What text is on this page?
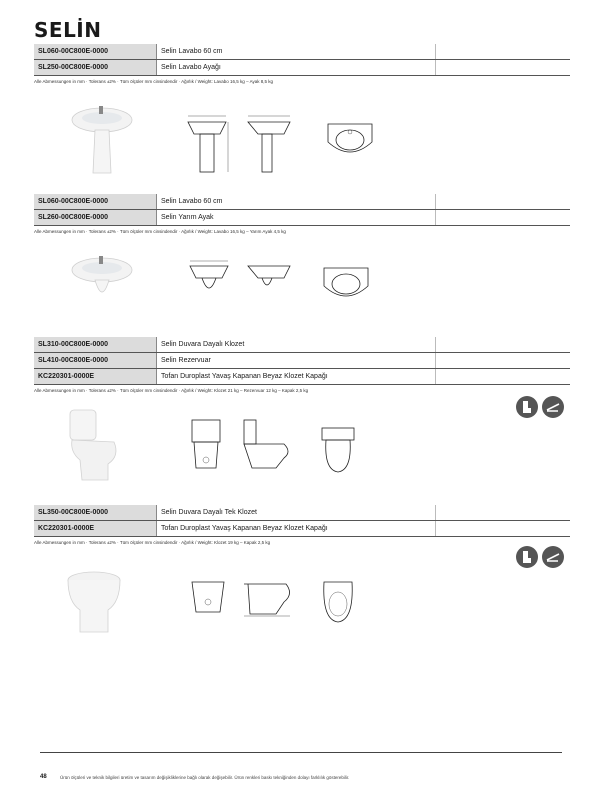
SELİN
SL060-00C800E-0000	Selin Lavabo 60 cm	
SL250-00C800E-0000	Selin Lavabo Ayağı	
Alle Abmessungen in mm · Tolerans ±2% · Tüm ölçüler mm cinsindendir · Ağırlık / Weight: Lavabo 16,5 kg – Ayak 8,5 kg
SL060-00C800E-0000	Selin Lavabo 60 cm	
SL260-00C800E-0000	Selin Yarım Ayak	
Alle Abmessungen in mm · Tolerans ±2% · Tüm ölçüler mm cinsindendir · Ağırlık / Weight: Lavabo 16,5 kg – Yarım Ayak 4,5 kg
SL310-00C800E-0000	Selin Duvara Dayalı Klozet	
SL410-00C800E-0000	Selin Rezervuar	
KC220301-0000E	Tofan Duroplast Yavaş Kapanan Beyaz Klozet Kapağı	
Alle Abmessungen in mm · Tolerans ±2% · Tüm ölçüler mm cinsindendir · Ağırlık / Weight: Klozet 21 kg – Rezervuar 12 kg – Kapak 2,5 kg
SL350-00C800E-0000	Selin Duvara Dayalı Tek Klozet	
KC220301-0000E	Tofan Duroplast Yavaş Kapanan Beyaz Klozet Kapağı	
Alle Abmessungen in mm · Tolerans ±2% · Tüm ölçüler mm cinsindendir · Ağırlık / Weight: Klozet 19 kg – Kapak 2,5 kg
48	Ürün ölçüleri ve teknik bilgileri üretim ve tasarım değişikliklerine bağlı olarak değişebilir. Ürün renkleri baskı tekniğinden dolayı farklılık gösterebilir.
